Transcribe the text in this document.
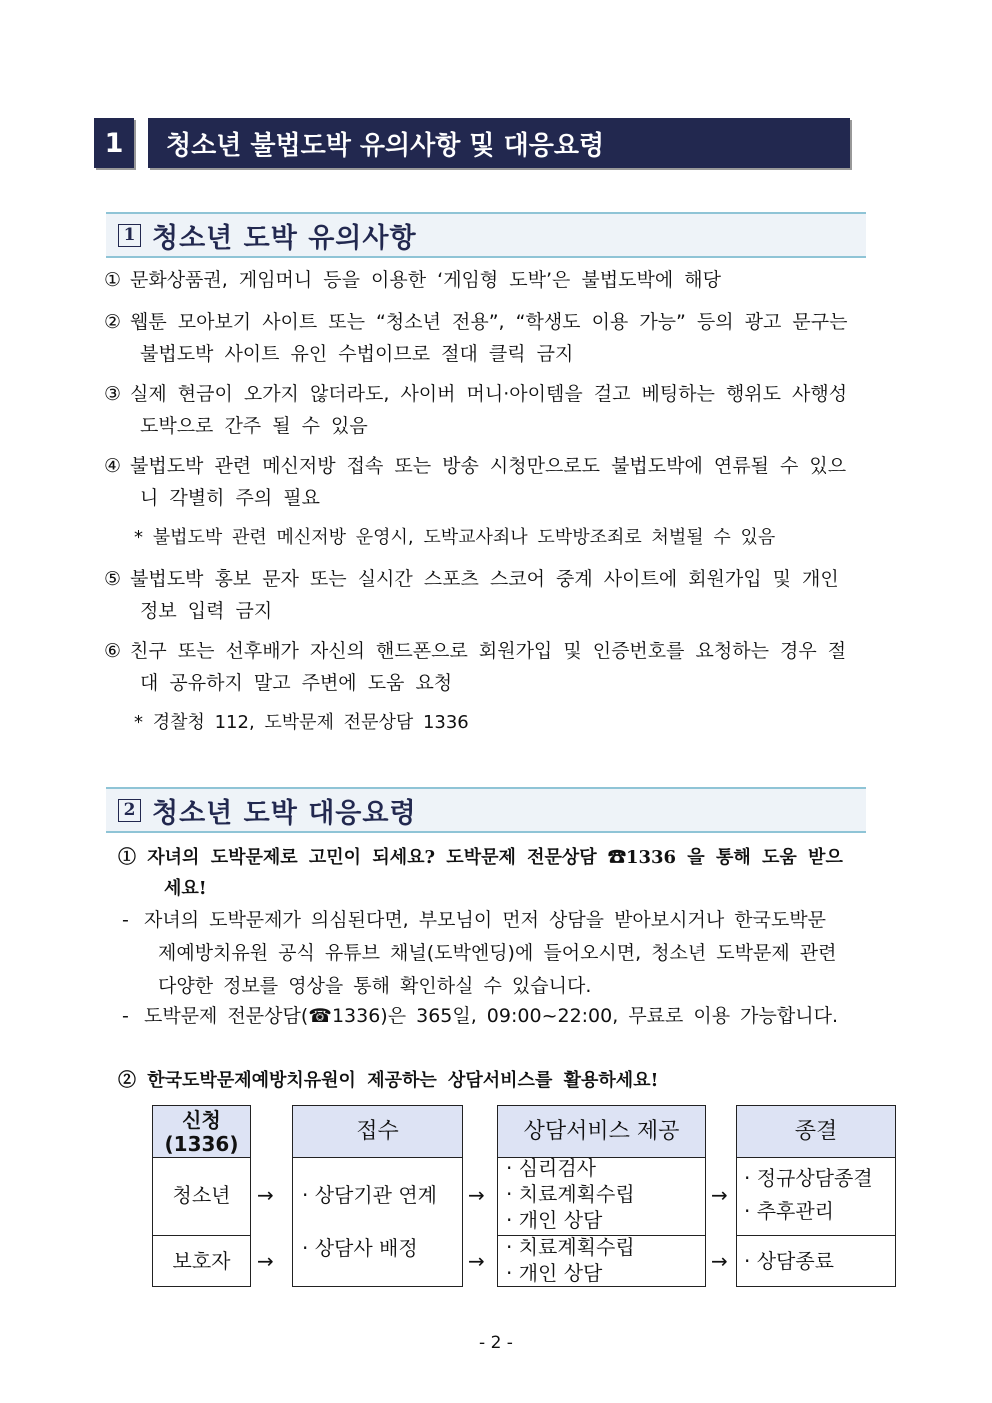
1	청소년 불법도박 유의사항 및 대응요령
1 청소년 도박 유의사항
① 문화상품권, 게임머니 등을 이용한 ‘게임형 도박’은 불법도박에 해당
② 웹툰 모아보기 사이트 또는 “청소년 전용”, “학생도 이용 가능” 등의 광고 문구는
불법도박 사이트 유인 수법이므로 절대 클릭 금지
③ 실제 현금이 오가지 않더라도, 사이버 머니·아이템을 걸고 베팅하는 행위도 사행성
도박으로 간주 될 수 있음
④ 불법도박 관련 메신저방 접속 또는 방송 시청만으로도 불법도박에 연류될 수 있으
니 각별히 주의 필요
* 불법도박 관련 메신저방 운영시, 도박교사죄나 도박방조죄로 처벌될 수 있음
⑤ 불법도박 홍보 문자 또는 실시간 스포츠 스코어 중계 사이트에 회원가입 및 개인
정보 입력 금지
⑥ 친구 또는 선후배가 자신의 핸드폰으로 회원가입 및 인증번호를 요청하는 경우 절
대 공유하지 말고 주변에 도움 요청
* 경찰청 112, 도박문제 전문상담 1336
2 청소년 도박 대응요령
① 자녀의 도박문제로 고민이 되세요? 도박문제 전문상담 ☎1336 을 통해 도움 받으
세요!
- 자녀의 도박문제가 의심된다면, 부모님이 먼저 상담을 받아보시거나 한국도박문
제예방치유원 공식 유튜브 채널(도박엔딩)에 들어오시면, 청소년 도박문제 관련
다양한 정보를 영상을 통해 확인하실 수 있습니다.
- 도박문제 전문상담(☎1336)은 365일, 09:00~22:00, 무료로 이용 가능합니다.
② 한국도박문제예방치유원이 제공하는 상담서비스를 활용하세요!
신청
(1336)
청소년
보호자
접수
· 상담기관 연계
· 상담사 배정
상담서비스 제공
· 심리검사
· 치료계획수립
· 개인 상담
· 치료계획수립
· 개인 상담
종결
· 정규상담종결
· 추후관리
· 상담종료
→
→
→
→
→
→
- 2 -
